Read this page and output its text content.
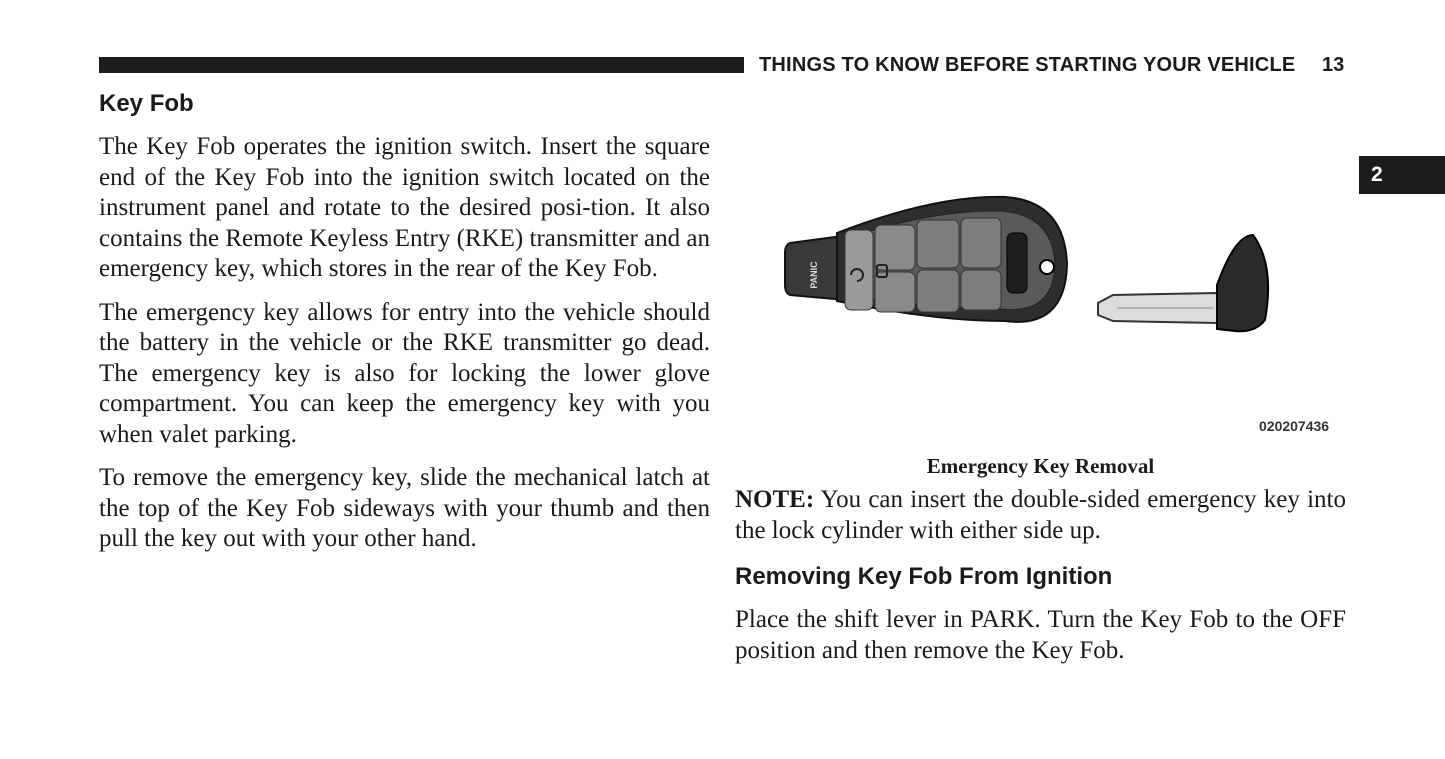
THINGS TO KNOW BEFORE STARTING YOUR VEHICLE 13
2
Key Fob

The Key Fob operates the ignition switch. Insert the square end of the Key Fob into the ignition switch located on the instrument panel and rotate to the desired posi-tion. It also contains the Remote Keyless Entry (RKE) transmitter and an emergency key, which stores in the rear of the Key Fob.

The emergency key allows for entry into the vehicle should the battery in the vehicle or the RKE transmitter go dead. The emergency key is also for locking the lower glove compartment. You can keep the emergency key with you when valet parking.

To remove the emergency key, slide the mechanical latch at the top of the Key Fob sideways with your thumb and then pull the key out with your other hand.

PANIC
020207436
Emergency Key Removal

NOTE: You can insert the double-sided emergency key into the lock cylinder with either side up.

Removing Key Fob From Ignition

Place the shift lever in PARK. Turn the Key Fob to the OFF position and then remove the Key Fob.
